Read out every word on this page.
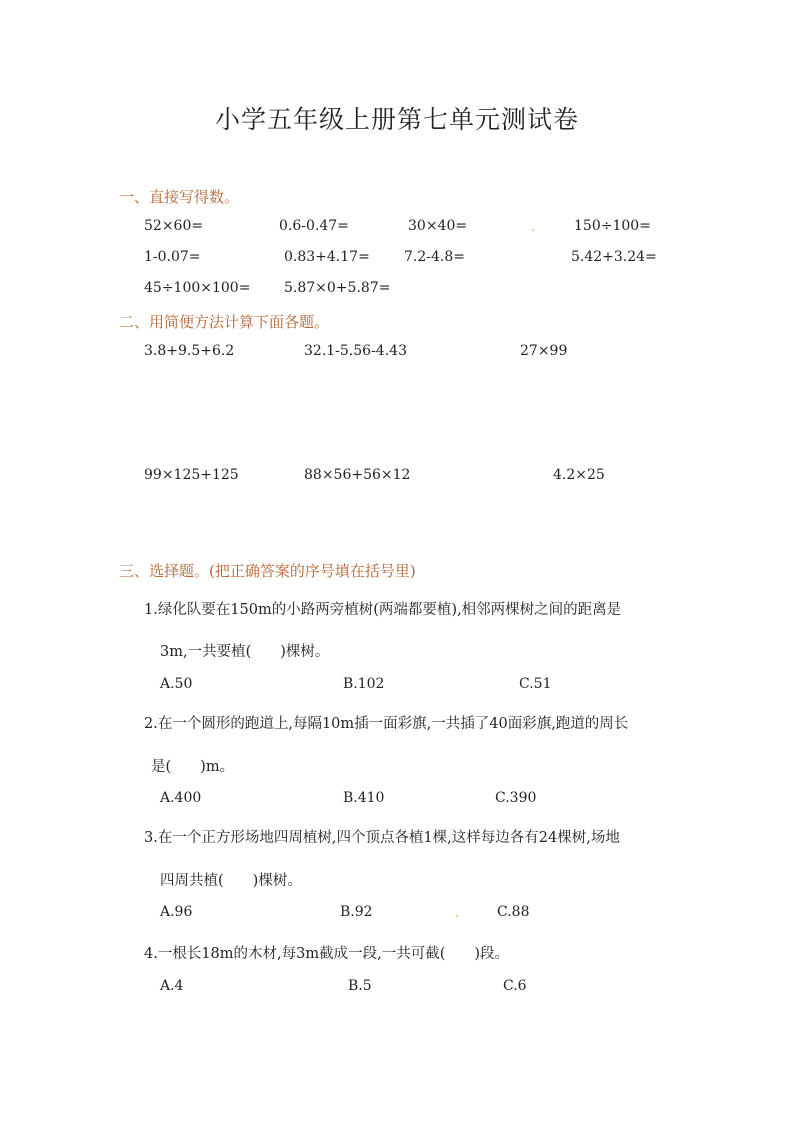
小学五年级上册第七单元测试卷
一、直接写得数。
52×60=	0.6-0.47=	30×40=	.	150÷100=
1-0.07=	0.83+4.17= 7.2-4.8=	5.42+3.24=
45÷100×100= 5.87×0+5.87=
二、用简便方法计算下面各题。
3.8+9.5+6.2	32.1-5.56-4.43	27×99
99×125+125	88×56+56×12	4.2×25
三、选择题。(把正确答案的序号填在括号里)
1.绿化队要在150m的小路两旁植树(两端都要植),相邻两棵树之间的距离是
3m,一共要植(　　)棵树。
A.50	B.102	C.51
2.在一个圆形的跑道上,每隔10m插一面彩旗,一共插了40面彩旗,跑道的周长
是(　　)m。
A.400	B.410	C.390
3.在一个正方形场地四周植树,四个顶点各植1棵,这样每边各有24棵树,场地
四周共植(　　)棵树。
A.96	B.92	.	C.88
4.一根长18m的木材,每3m截成一段,一共可截(　　)段。
A.4	B.5	C.6
